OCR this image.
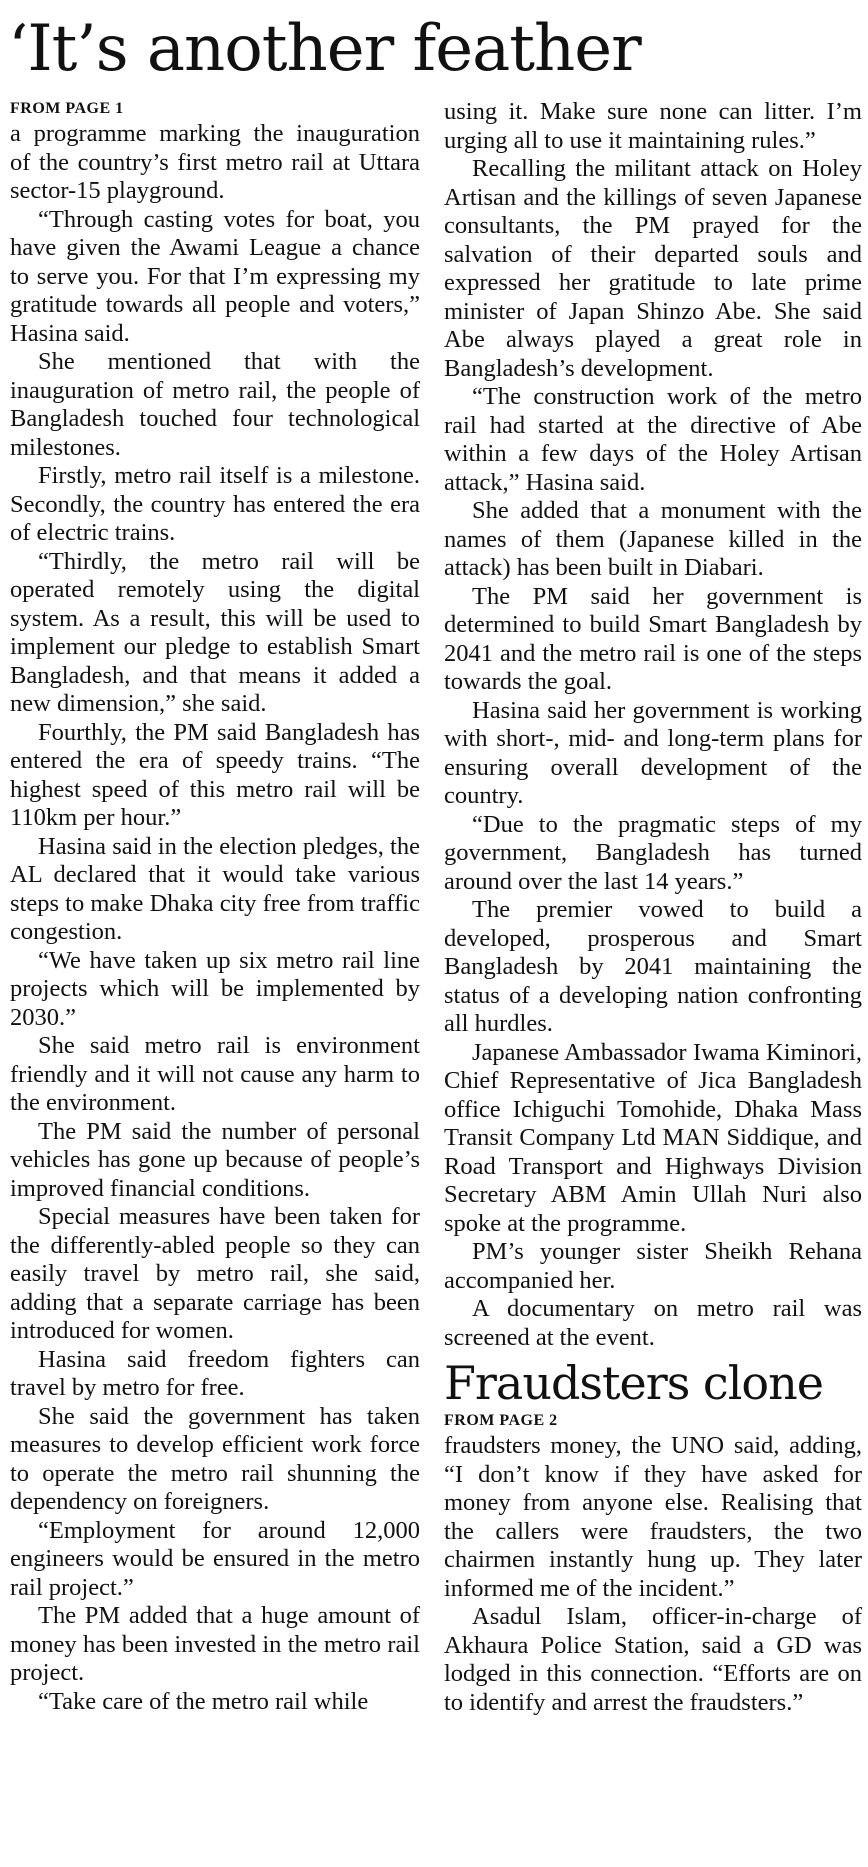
‘It’s another feather
FROM PAGE 1

a programme marking the inauguration of the country’s first metro rail at Uttara sector-15 playground.

“Through casting votes for boat, you have given the Awami League a chance to serve you. For that I’m expressing my gratitude towards all people and voters,” Hasina said.

She mentioned that with the inauguration of metro rail, the people of Bangladesh touched four technological milestones.

Firstly, metro rail itself is a milestone. Secondly, the country has entered the era of electric trains.

“Thirdly, the metro rail will be operated remotely using the digital system. As a result, this will be used to implement our pledge to establish Smart Bangladesh, and that means it added a new dimension,” she said.

Fourthly, the PM said Bangladesh has entered the era of speedy trains. “The highest speed of this metro rail will be 110km per hour.”

Hasina said in the election pledges, the AL declared that it would take various steps to make Dhaka city free from traffic congestion.

“We have taken up six metro rail line projects which will be implemented by 2030.”

She said metro rail is environment friendly and it will not cause any harm to the environment.

The PM said the number of personal vehicles has gone up because of people’s improved financial conditions.

Special measures have been taken for the differently-abled people so they can easily travel by metro rail, she said, adding that a separate carriage has been introduced for women.

Hasina said freedom fighters can travel by metro for free.

She said the government has taken measures to develop efficient work force to operate the metro rail shunning the dependency on foreigners.

“Employment for around 12,000 engineers would be ensured in the metro rail project.”

The PM added that a huge amount of money has been invested in the metro rail project.

“Take care of the metro rail while

using it. Make sure none can litter. I’m urging all to use it maintaining rules.”

Recalling the militant attack on Holey Artisan and the killings of seven Japanese consultants, the PM prayed for the salvation of their departed souls and expressed her gratitude to late prime minister of Japan Shinzo Abe. She said Abe always played a great role in Bangladesh’s development.

“The construction work of the metro rail had started at the directive of Abe within a few days of the Holey Artisan attack,” Hasina said.

She added that a monument with the names of them (Japanese killed in the attack) has been built in Diabari.

The PM said her government is determined to build Smart Bangladesh by 2041 and the metro rail is one of the steps towards the goal.

Hasina said her government is working with short-, mid- and long-term plans for ensuring overall development of the country.

“Due to the pragmatic steps of my government, Bangladesh has turned around over the last 14 years.”

The premier vowed to build a developed, prosperous and Smart Bangladesh by 2041 maintaining the status of a developing nation confronting all hurdles.

Japanese Ambassador Iwama Kiminori, Chief Representative of Jica Bangladesh office Ichiguchi Tomohide, Dhaka Mass Transit Company Ltd MAN Siddique, and Road Transport and Highways Division Secretary ABM Amin Ullah Nuri also spoke at the programme.

PM’s younger sister Sheikh Rehana accompanied her.

A documentary on metro rail was screened at the event.

Fraudsters clone
FROM PAGE 2

fraudsters money, the UNO said, adding, “I don’t know if they have asked for money from anyone else. Realising that the callers were fraudsters, the two chairmen instantly hung up. They later informed me of the incident.”

Asadul Islam, officer-in-charge of Akhaura Police Station, said a GD was lodged in this connection. “Efforts are on to identify and arrest the fraudsters.”
